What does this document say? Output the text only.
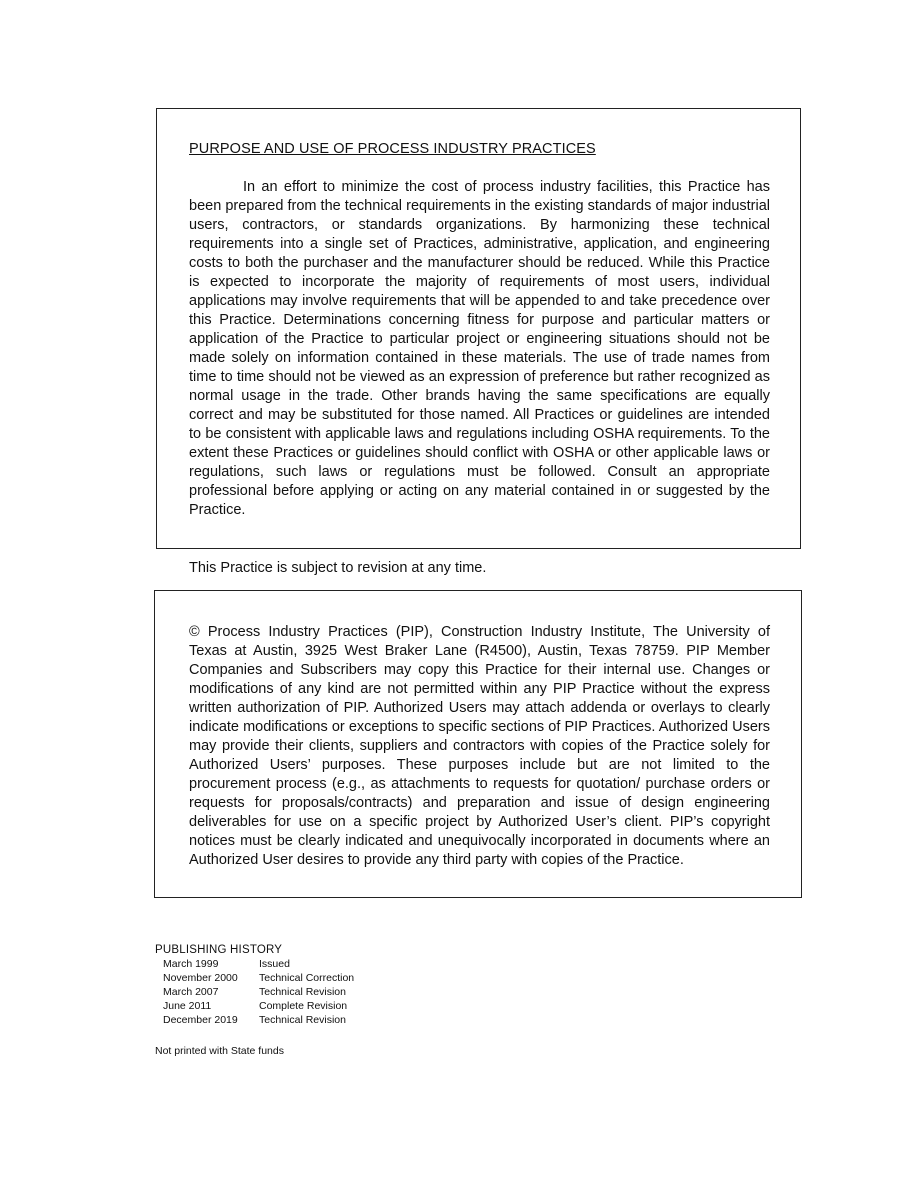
PURPOSE AND USE OF PROCESS INDUSTRY PRACTICES

In an effort to minimize the cost of process industry facilities, this Practice has been prepared from the technical requirements in the existing standards of major industrial users, contractors, or standards organizations. By harmonizing these technical requirements into a single set of Practices, administrative, application, and engineering costs to both the purchaser and the manufacturer should be reduced. While this Practice is expected to incorporate the majority of requirements of most users, individual applications may involve requirements that will be appended to and take precedence over this Practice. Determinations concerning fitness for purpose and particular matters or application of the Practice to particular project or engineering situations should not be made solely on information contained in these materials. The use of trade names from time to time should not be viewed as an expression of preference but rather recognized as normal usage in the trade. Other brands having the same specifications are equally correct and may be substituted for those named. All Practices or guidelines are intended to be consistent with applicable laws and regulations including OSHA requirements. To the extent these Practices or guidelines should conflict with OSHA or other applicable laws or regulations, such laws or regulations must be followed. Consult an appropriate professional before applying or acting on any material contained in or suggested by the Practice.

This Practice is subject to revision at any time.

© Process Industry Practices (PIP), Construction Industry Institute, The University of Texas at Austin, 3925 West Braker Lane (R4500), Austin, Texas 78759. PIP Member Companies and Subscribers may copy this Practice for their internal use. Changes or modifications of any kind are not permitted within any PIP Practice without the express written authorization of PIP. Authorized Users may attach addenda or overlays to clearly indicate modifications or exceptions to specific sections of PIP Practices. Authorized Users may provide their clients, suppliers and contractors with copies of the Practice solely for Authorized Users’ purposes. These purposes include but are not limited to the procurement process (e.g., as attachments to requests for quotation/ purchase orders or requests for proposals/contracts) and preparation and issue of design engineering deliverables for use on a specific project by Authorized User’s client. PIP’s copyright notices must be clearly indicated and unequivocally incorporated in documents where an Authorized User desires to provide any third party with copies of the Practice.

PUBLISHING HISTORY
March 1999	Issued
November 2000	Technical Correction
March 2007	Technical Revision
June 2011	Complete Revision
December 2019	Technical Revision
Not printed with State funds
